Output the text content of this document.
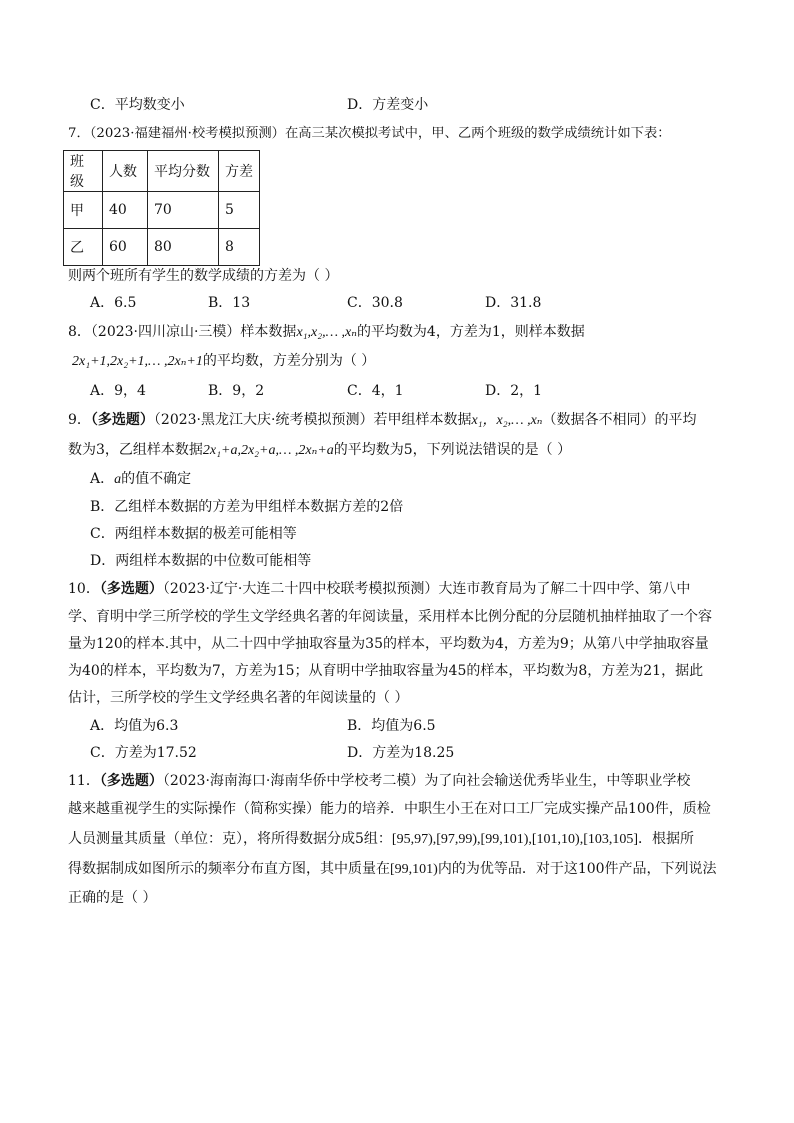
C．平均数变小	D．方差变小
7．（2023·福建福州·校考模拟预测）在高三某次模拟考试中，甲、乙两个班级的数学成绩统计如下表：
班级	人数	平均分数	方差
甲	40	70	5
乙	60	80	8
则两个班所有学生的数学成绩的方差为（ ）
A．6.5	B．13	C．30.8	D．31.8
8．（2023·四川凉山·三模）样本数据x₁,x₂,… ,xₙ的平均数为4，方差为1，则样本数据
2x₁+1,2x₂+1,… ,2xₙ+1的平均数，方差分别为（ ）
A．9，4	B．9，2	C．4，1	D．2，1
9．（多选题）（2023·黑龙江大庆·统考模拟预测）若甲组样本数据x₁，x₂,… ,xₙ（数据各不相同）的平均
数为3，乙组样本数据2x₁+a,2x₂+a,… ,2xₙ+a的平均数为5，下列说法错误的是（ ）
A．a的值不确定
B．乙组样本数据的方差为甲组样本数据方差的2倍
C．两组样本数据的极差可能相等
D．两组样本数据的中位数可能相等
10．（多选题）（2023·辽宁·大连二十四中校联考模拟预测）大连市教育局为了解二十四中学、第八中
学、育明中学三所学校的学生文学经典名著的年阅读量，采用样本比例分配的分层随机抽样抽取了一个容
量为120的样本.其中，从二十四中学抽取容量为35的样本，平均数为4，方差为9；从第八中学抽取容量
为40的样本，平均数为7，方差为15；从育明中学抽取容量为45的样本，平均数为8，方差为21，据此
估计，三所学校的学生文学经典名著的年阅读量的（ ）
A．均值为6.3	B．均值为6.5
C．方差为17.52	D．方差为18.25
11．（多选题）（2023·海南海口·海南华侨中学校考二模）为了向社会输送优秀毕业生，中等职业学校
越来越重视学生的实际操作（简称实操）能力的培养．中职生小王在对口工厂完成实操产品100件，质检
人员测量其质量（单位：克），将所得数据分成5组：[95,97),[97,99),[99,101),[101,10),[103,105]．根据所
得数据制成如图所示的频率分布直方图，其中质量在[99,101)内的为优等品．对于这100件产品，下列说法
正确的是（ ）
